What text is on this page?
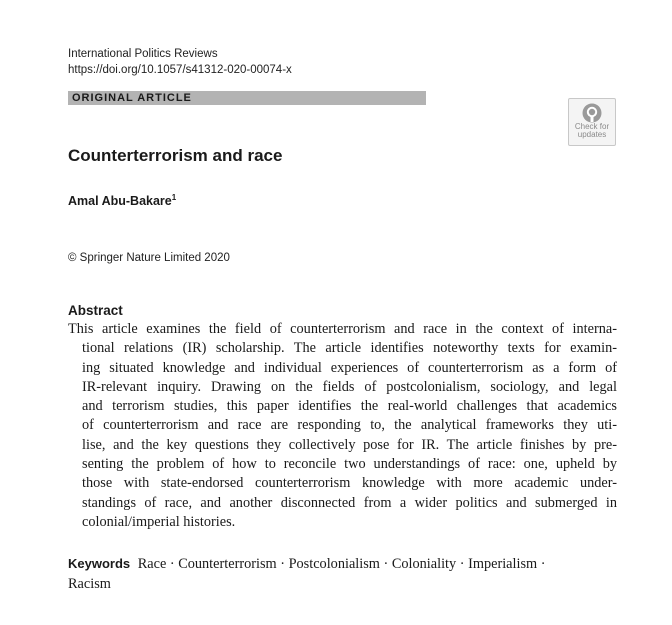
International Politics Reviews
https://doi.org/10.1057/s41312-020-00074-x
ORIGINAL ARTICLE
Check for
updates
Counterterrorism and race
Amal Abu-Bakare$^1$
© Springer Nature Limited 2020
Abstract
This article examines the field of counterterrorism and race in the context of interna-
tional relations (IR) scholarship. The article identifies noteworthy texts for examin-
ing situated knowledge and individual experiences of counterterrorism as a form of
IR-relevant inquiry. Drawing on the fields of postcolonialism, sociology, and legal
and terrorism studies, this paper identifies the real-world challenges that academics
of counterterrorism and race are responding to, the analytical frameworks they uti-
lise, and the key questions they collectively pose for IR. The article finishes by pre-
senting the problem of how to reconcile two understandings of race: one, upheld by
those with state-endorsed counterterrorism knowledge with more academic under-
standings of race, and another disconnected from a wider politics and submerged in
colonial/imperial histories.
Keywords Race · Counterterrorism · Postcolonialism · Coloniality · Imperialism ·
Racism
